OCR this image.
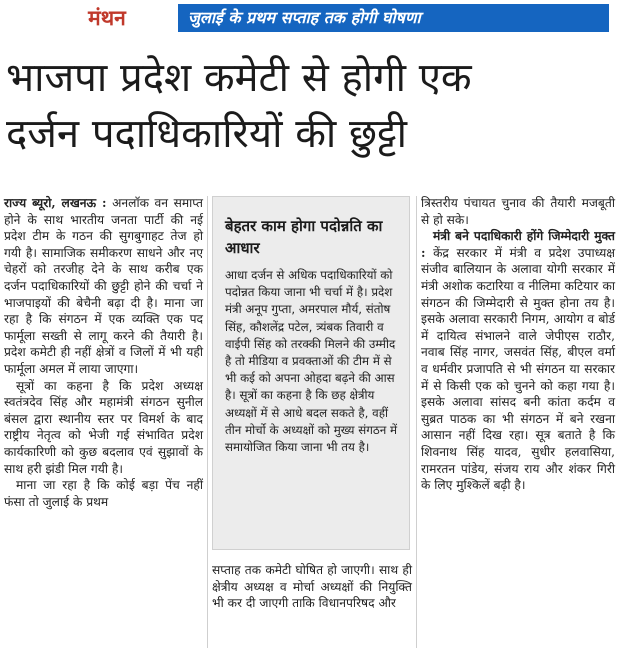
मंथन	जुलाई के प्रथम सप्ताह तक होगी घोषणा
भाजपा प्रदेश कमेटी से होगी एक
दर्जन पदाधिकारियों की छुट्टी

राज्य ब्यूरो, लखनऊ : अनलॉक वन समाप्त होने के साथ भारतीय जनता पार्टी की नई प्रदेश टीम के गठन की सुगबुगाहट तेज हो गयी है। सामाजिक समीकरण साधने और नए चेहरों को तरजीह देने के साथ करीब एक दर्जन पदाधिकारियों की छुट्टी होने की चर्चा ने भाजपाइयों की बेचैनी बढ़ा दी है। माना जा रहा है कि संगठन में एक व्यक्ति एक पद फार्मूला सख्ती से लागू करने की तैयारी है। प्रदेश कमेटी ही नहीं क्षेत्रों व जिलों में भी यही फार्मूला अमल में लाया जाएगा।

सूत्रों का कहना है कि प्रदेश अध्यक्ष स्वतंत्रदेव सिंह और महामंत्री संगठन सुनील बंसल द्वारा स्थानीय स्तर पर विमर्श के बाद राष्ट्रीय नेतृत्व को भेजी गई संभावित प्रदेश कार्यकारिणी को कुछ बदलाव एवं सुझावों के साथ हरी झंडी मिल गयी है।

माना जा रहा है कि कोई बड़ा पेंच नहीं फंसा तो जुलाई के प्रथम

बेहतर काम होगा पदोन्नति का आधार
आधा दर्जन से अधिक पदाधिकारियों को पदोन्नत किया जाना भी चर्चा में है। प्रदेश मंत्री अनूप गुप्ता, अमरपाल मौर्य, संतोष सिंह, कौशलेंद्र पटेल, त्र्यंबक तिवारी व वाईपी सिंह को तरक्की मिलने की उम्मीद है तो मीडिया व प्रवक्ताओं की टीम में से भी कई को अपना ओहदा बढ़ने की आस है। सूत्रों का कहना है कि छह क्षेत्रीय अध्यक्षों में से आधे बदल सकते है, वहीं तीन मोर्चो के अध्यक्षों को मुख्य संगठन में समायोजित किया जाना भी तय है।

सप्ताह तक कमेटी घोषित हो जाएगी। साथ ही क्षेत्रीय अध्यक्ष व मोर्चा अध्यक्षों की नियुक्ति भी कर दी जाएगी ताकि विधानपरिषद और

त्रिस्तरीय पंचायत चुनाव की तैयारी मजबूती से हो सके।

मंत्री बने पदाधिकारी होंगे जिम्मेदारी मुक्त : केंद्र सरकार में मंत्री व प्रदेश उपाध्यक्ष संजीव बालियान के अलावा योगी सरकार में मंत्री अशोक कटारिया व नीलिमा कटियार का संगठन की जिम्मेदारी से मुक्त होना तय है। इसके अलावा सरकारी निगम, आयोग व बोर्ड में दायित्व संभालने वाले जेपीएस राठौर, नवाब सिंह नागर, जसवंत सिंह, बीएल वर्मा व धर्मवीर प्रजापति से भी संगठन या सरकार में से किसी एक को चुनने को कहा गया है। इसके अलावा सांसद बनी कांता कर्दम व सुब्रत पाठक का भी संगठन में बने रखना आसान नहीं दिख रहा। सूत्र बताते है कि शिवनाथ सिंह यादव, सुधीर हलवासिया, रामरतन पांडेय, संजय राय और शंकर गिरी के लिए मुश्किलें बढ़ी है।
